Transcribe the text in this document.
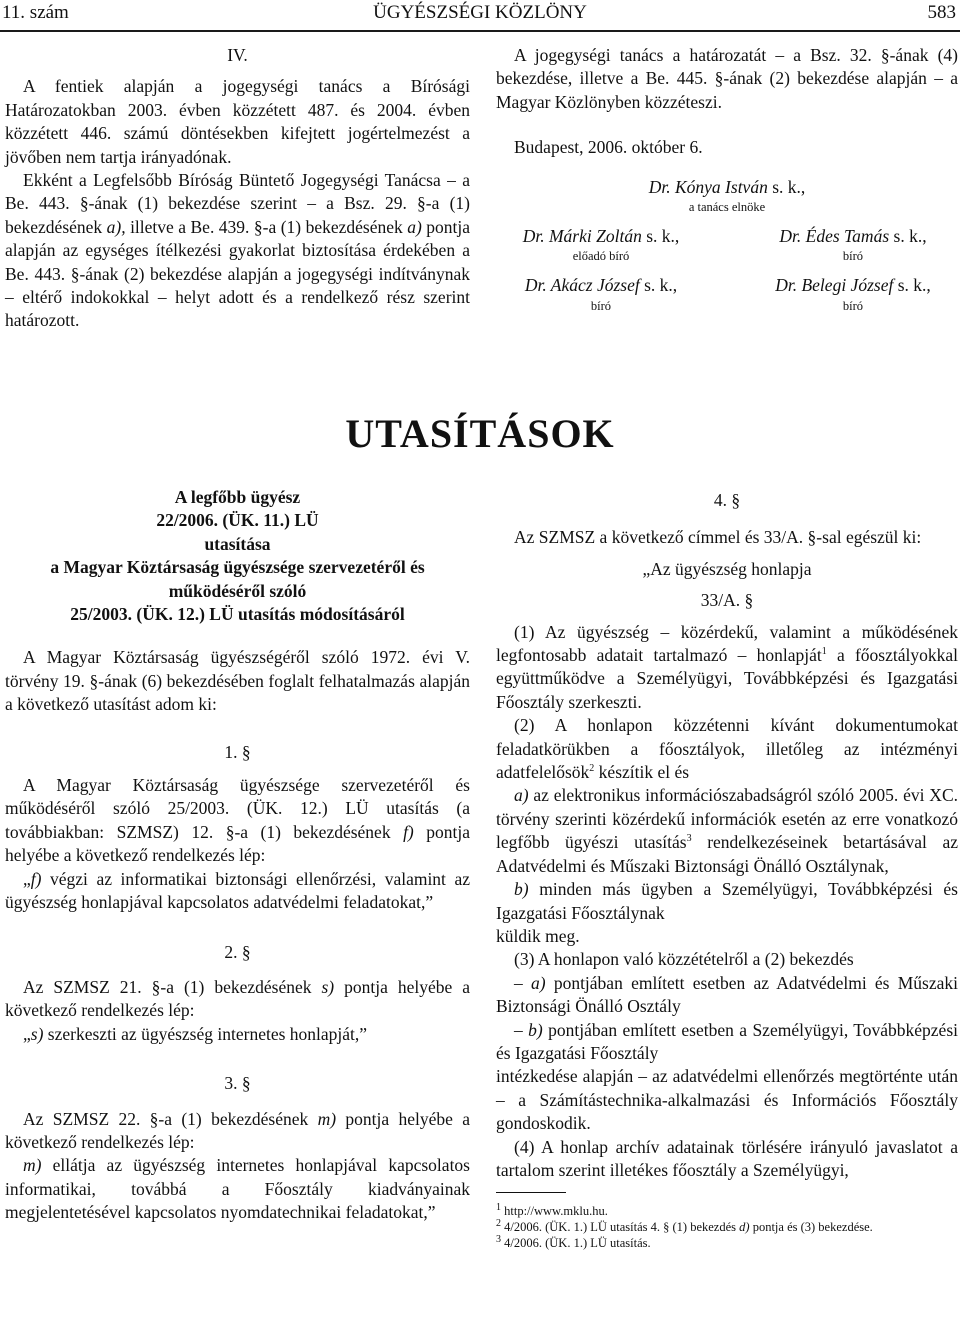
11. szám	ÜGYÉSZSÉGI KÖZLÖNY	583

IV.

A fentiek alapján a jogegységi tanács a Bírósági Határozatokban 2003. évben közzétett 487. és 2004. évben közzétett 446. számú döntésekben kifejtett jogértelmezést a jövőben nem tartja irányadónak.

Ekként a Legfelsőbb Bíróság Büntető Jogegységi Tanácsa – a Be. 443. §-ának (1) bekezdése szerint – a Bsz. 29. §-a (1) bekezdésének a), illetve a Be. 439. §-a (1) bekezdésének a) pontja alapján az egységes ítélkezési gyakorlat biztosítása érdekében a Be. 443. §-ának (2) bekezdése alapján a jogegységi indítványnak – eltérő indokokkal – helyt adott és a rendelkező rész szerint határozott.

A jogegységi tanács a határozatát – a Bsz. 32. §-ának (4) bekezdése, illetve a Be. 445. §-ának (2) bekezdése alapján – a Magyar Közlönyben közzéteszi.

Budapest, 2006. október 6.

Dr. Kónya István s. k.,
a tanács elnöke
Dr. Márki Zoltán s. k.,
előadó bíró
Dr. Édes Tamás s. k.,
bíró
Dr. Akácz József s. k.,
bíró
Dr. Belegi József s. k.,
bíró
UTASÍTÁSOK

A legfőbb ügyész

22/2006. (ÜK. 11.) LÜ

utasítása

a Magyar Köztársaság ügyészsége szervezetéről és működéséről szóló

25/2003. (ÜK. 12.) LÜ utasítás módosításáról

A Magyar Köztársaság ügyészségéről szóló 1972. évi V. törvény 19. §-ának (6) bekezdésében foglalt felhatalmazás alapján a következő utasítást adom ki:

1. §

A Magyar Köztársaság ügyészsége szervezetéről és működéséről szóló 25/2003. (ÜK. 12.) LÜ utasítás (a továbbiakban: SZMSZ) 12. §-a (1) bekezdésének f) pontja helyébe a következő rendelkezés lép:

„f) végzi az informatikai biztonsági ellenőrzési, valamint az ügyészség honlapjával kapcsolatos adatvédelmi feladatokat,”

2. §

Az SZMSZ 21. §-a (1) bekezdésének s) pontja helyébe a következő rendelkezés lép:

„s) szerkeszti az ügyészség internetes honlapját,”

3. §

Az SZMSZ 22. §-a (1) bekezdésének m) pontja helyébe a következő rendelkezés lép:

m) ellátja az ügyészség internetes honlapjával kapcsolatos informatikai, továbbá a Főosztály kiadványainak megjelentetésével kapcsolatos nyomdatechnikai feladatokat,”

4. §

Az SZMSZ a következő címmel és 33/A. §-sal egészül ki:

„Az ügyészség honlapja

33/A. §

(1) Az ügyészség – közérdekű, valamint a működésének legfontosabb adatait tartalmazó – honlapját$^1$ a főosztályokkal együttműködve a Személyügyi, Továbbképzési és Igazgatási Főosztály szerkeszti.

(2) A honlapon közzétenni kívánt dokumentumokat feladatkörükben a főosztályok, illetőleg az intézményi adatfelelősök$^2$ készítik el és

a) az elektronikus információszabadságról szóló 2005. évi XC. törvény szerinti közérdekű információk esetén az erre vonatkozó legfőbb ügyészi utasítás$^3$ rendelkezéseinek betartásával az Adatvédelmi és Műszaki Biztonsági Önálló Osztálynak,

b) minden más ügyben a Személyügyi, Továbbképzési és Igazgatási Főosztálynak

küldik meg.

(3) A honlapon való közzétételről a (2) bekezdés

– a) pontjában említett esetben az Adatvédelmi és Műszaki Biztonsági Önálló Osztály

– b) pontjában említett esetben a Személyügyi, Továbbképzési és Igazgatási Főosztály

intézkedése alapján – az adatvédelmi ellenőrzés megtörténte után – a Számítástechnika-alkalmazási és Információs Főosztály gondoskodik.

(4) A honlap archív adatainak törlésére irányuló javaslatot a tartalom szerint illetékes főosztály a Személyügyi,

$^1$ http://www.mklu.hu.

$^2$ 4/2006. (ÜK. 1.) LÜ utasítás 4. § (1) bekezdés d) pontja és (3) bekezdése.

$^3$ 4/2006. (ÜK. 1.) LÜ utasítás.
